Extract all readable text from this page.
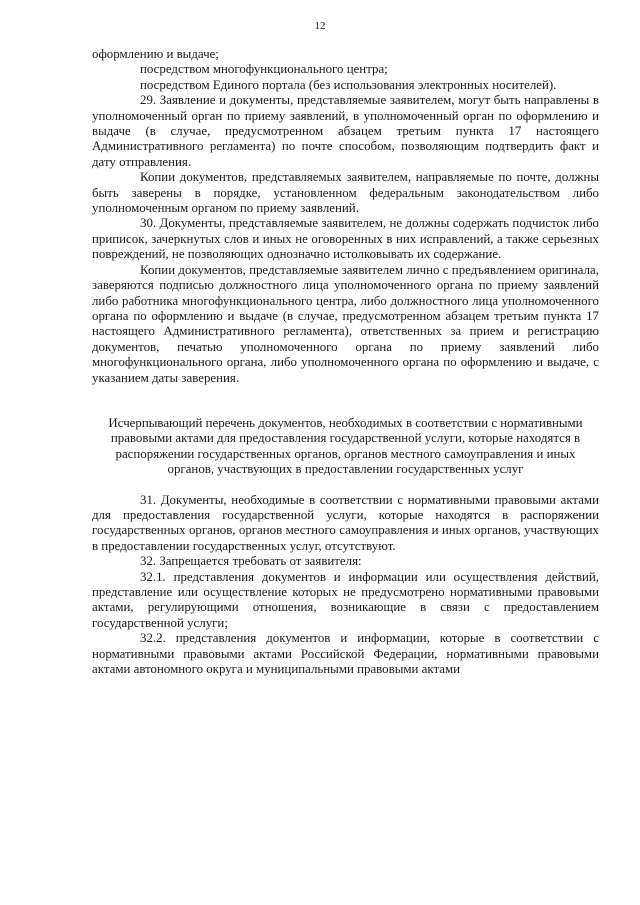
12

оформлению и выдаче;

посредством многофункционального центра;

посредством Единого портала (без использования электронных носителей).

29. Заявление и документы, представляемые заявителем, могут быть направлены в уполномоченный орган по приему заявлений, в уполномоченный орган по оформлению и выдаче (в случае, предусмотренном абзацем третьим пункта 17 настоящего Административного регламента) по почте способом, позволяющим подтвердить факт и дату отправления.

Копии документов, представляемых заявителем, направляемые по почте, должны быть заверены в порядке, установленном федеральным законодательством либо уполномоченным органом по приему заявлений.

30. Документы, представляемые заявителем, не должны содержать подчисток либо приписок, зачеркнутых слов и иных не оговоренных в них исправлений, а также серьезных повреждений, не позволяющих однозначно истолковывать их содержание.

Копии документов, представляемые заявителем лично с предъявлением оригинала, заверяются подписью должностного лица уполномоченного органа по приему заявлений либо работника многофункционального центра, либо должностного лица уполномоченного органа по оформлению и выдаче (в случае, предусмотренном абзацем третьим пункта 17 настоящего Административного регламента), ответственных за прием и регистрацию документов, печатью уполномоченного органа по приему заявлений либо многофункционального органа, либо уполномоченного органа по оформлению и выдаче, с указанием даты заверения.

Исчерпывающий перечень документов, необходимых в соответствии с нормативными правовыми актами для предоставления государственной услуги, которые находятся в распоряжении государственных органов, органов местного самоуправления и иных органов, участвующих в предоставлении государственных услуг

31. Документы, необходимые в соответствии с нормативными правовыми актами для предоставления государственной услуги, которые находятся в распоряжении государственных органов, органов местного самоуправления и иных органов, участвующих в предоставлении государственных услуг, отсутствуют.

32. Запрещается требовать от заявителя:

32.1. представления документов и информации или осуществления действий, представление или осуществление которых не предусмотрено нормативными правовыми актами, регулирующими отношения, возникающие в связи с предоставлением государственной услуги;

32.2. представления документов и информации, которые в соответствии с нормативными правовыми актами Российской Федерации, нормативными правовыми актами автономного округа и муниципальными правовыми актами
